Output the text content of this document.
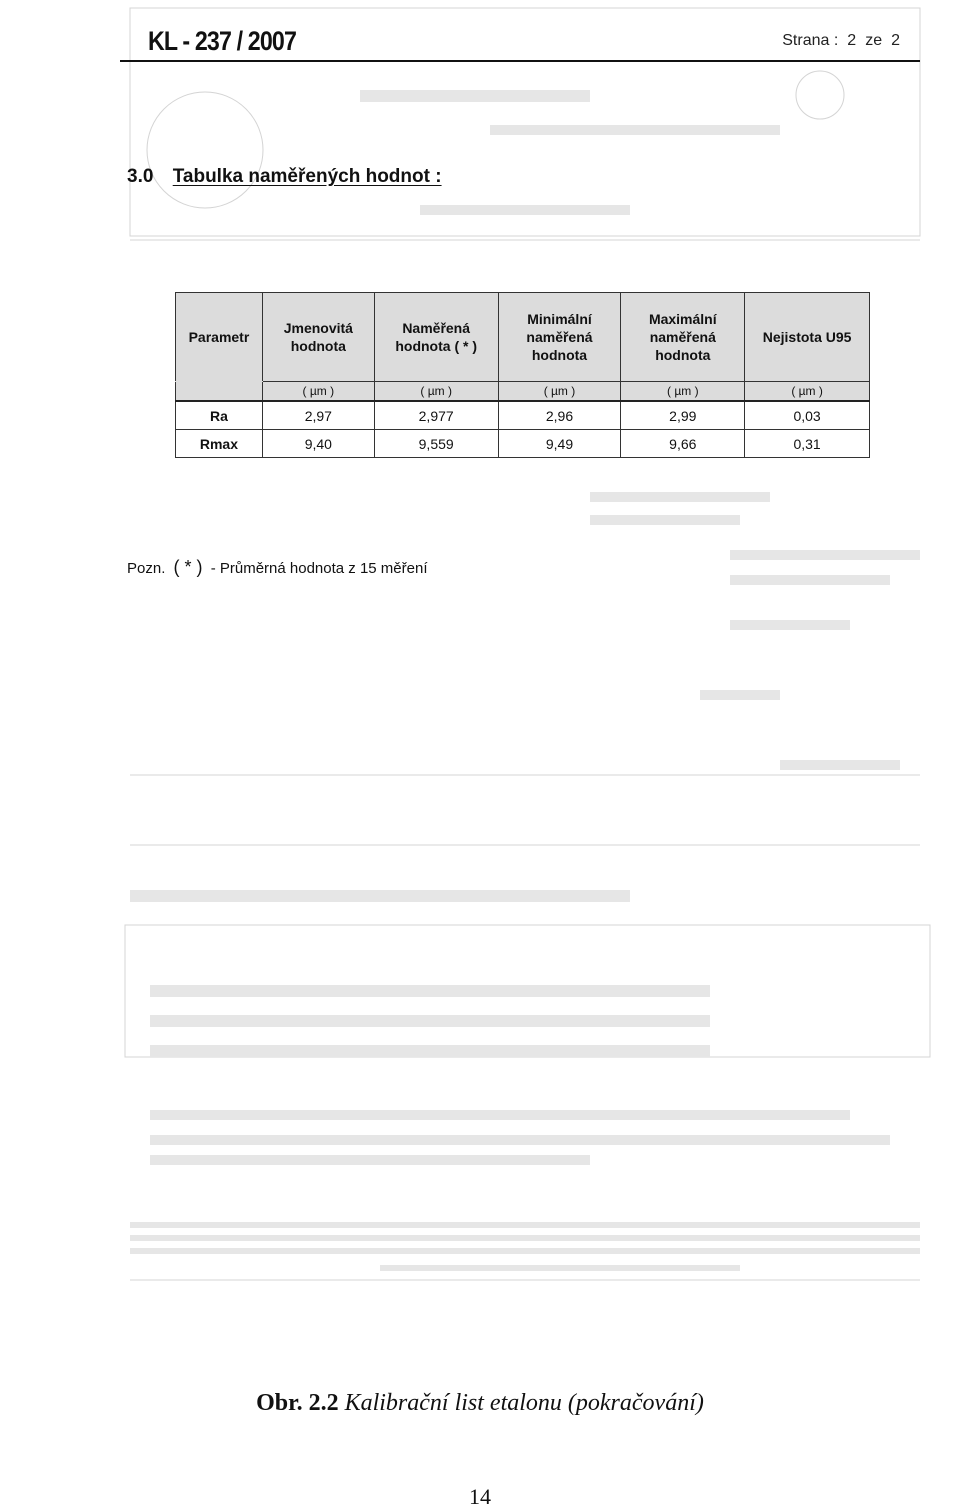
KL - 237 / 2007	Strana : 2 ze 2
3.0 Tabulka naměřených hodnot :
Parametr	Jmenovitá hodnota	Naměřená hodnota ( * )	Minimální naměřená hodnota	Maximální naměřená hodnota	Nejistota U95
	( µm )	( µm )	( µm )	( µm )	( µm )
Ra	2,97	2,977	2,96	2,99	0,03
Rmax	9,40	9,559	9,49	9,66	0,31
Pozn. ( * ) - Průměrná hodnota z 15 měření
Obr. 2.2 Kalibrační list etalonu (pokračování)
14
